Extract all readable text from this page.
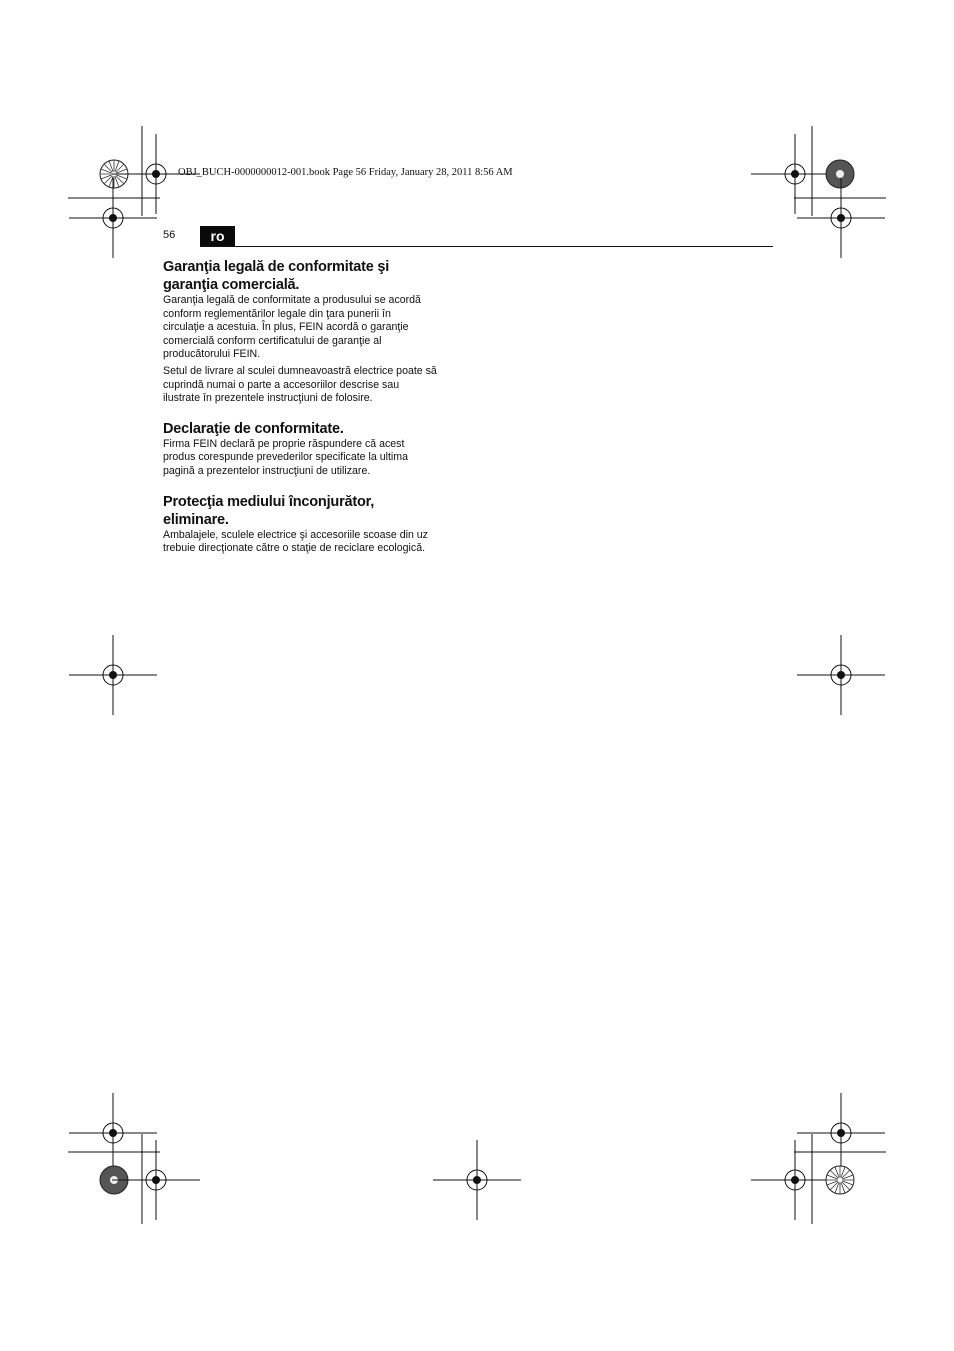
OBJ_BUCH-0000000012-001.book Page 56 Friday, January 28, 2011 8:56 AM
56	ro
Garanţia legală de conformitate şi
garanţia comercială.

Garanţia legală de conformitate a produsului se acordă
conform reglementărilor legale din ţara punerii în
circulaţie a acestuia. În plus, FEIN acordă o garanţie
comercială conform certificatului de garanţie al
producătorului FEIN.

Setul de livrare al sculei dumneavoastră electrice poate să
cuprindă numai o parte a accesoriilor descrise sau
ilustrate în prezentele instrucţiuni de folosire.

Declaraţie de conformitate.

Firma FEIN declară pe proprie răspundere că acest
produs corespunde prevederilor specificate la ultima
pagină a prezentelor instrucţiuni de utilizare.

Protecţia mediului înconjurător,
eliminare.

Ambalajele, sculele electrice şi accesoriile scoase din uz
trebuie direcţionate către o staţie de reciclare ecologică.
